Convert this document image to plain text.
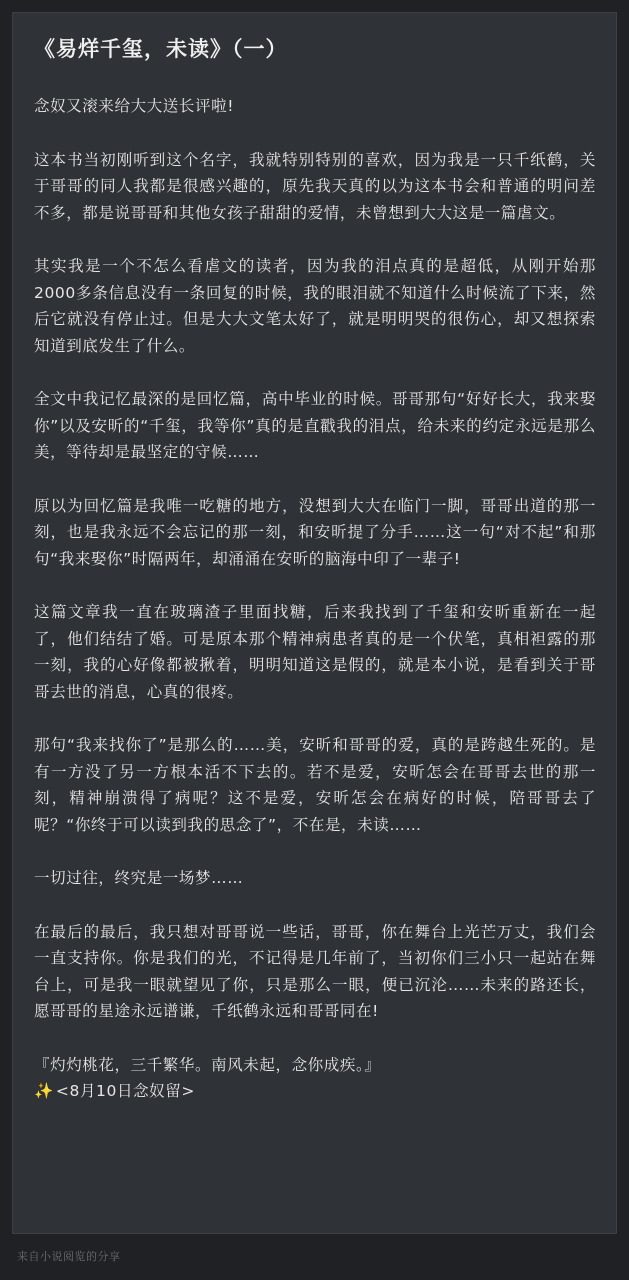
《易烊千玺，未读》（一）

念奴又滚来给大大送长评啦!

这本书当初刚听到这个名字，我就特别特别的喜欢，因为我是一只千纸鹤，关于哥哥的同人我都是很感兴趣的，原先我天真的以为这本书会和普通的明问差不多，都是说哥哥和其他女孩子甜甜的爱情，未曾想到大大这是一篇虐文。

其实我是一个不怎么看虐文的读者，因为我的泪点真的是超低，从刚开始那2000多条信息没有一条回复的时候，我的眼泪就不知道什么时候流了下来，然后它就没有停止过。但是大大文笔太好了，就是明明哭的很伤心，却又想探索知道到底发生了什么。

全文中我记忆最深的是回忆篇，高中毕业的时候。哥哥那句“好好长大，我来娶你”以及安昕的“千玺，我等你”真的是直戳我的泪点，给未来的约定永远是那么美，等待却是最坚定的守候……

原以为回忆篇是我唯一吃糖的地方，没想到大大在临门一脚，哥哥出道的那一刻，也是我永远不会忘记的那一刻，和安昕提了分手……这一句“对不起”和那句“我来娶你”时隔两年，却涌涌在安昕的脑海中印了一辈子!

这篇文章我一直在玻璃渣子里面找糖，后来我找到了千玺和安昕重新在一起了，他们结结了婚。可是原本那个精神病患者真的是一个伏笔，真相袒露的那一刻，我的心好像都被揪着，明明知道这是假的，就是本小说，是看到关于哥哥去世的消息，心真的很疼。

那句“我来找你了”是那么的……美，安昕和哥哥的爱，真的是跨越生死的。是有一方没了另一方根本活不下去的。若不是爱，安昕怎会在哥哥去世的那一刻，精神崩溃得了病呢？这不是爱，安昕怎会在病好的时候，陪哥哥去了呢？“你终于可以读到我的思念了”，不在是，未读……

一切过往，终究是一场梦……

在最后的最后，我只想对哥哥说一些话，哥哥，你在舞台上光芒万丈，我们会一直支持你。你是我们的光，不记得是几年前了，当初你们三小只一起站在舞台上，可是我一眼就望见了你，只是那么一眼，便已沉沦……未来的路还长，愿哥哥的星途永远谱谦，千纸鹤永远和哥哥同在!

『灼灼桃花，三千繁华。南风未起，念你成疾。』

✨ <8月10日念奴留>

来自小说阅览的分享
